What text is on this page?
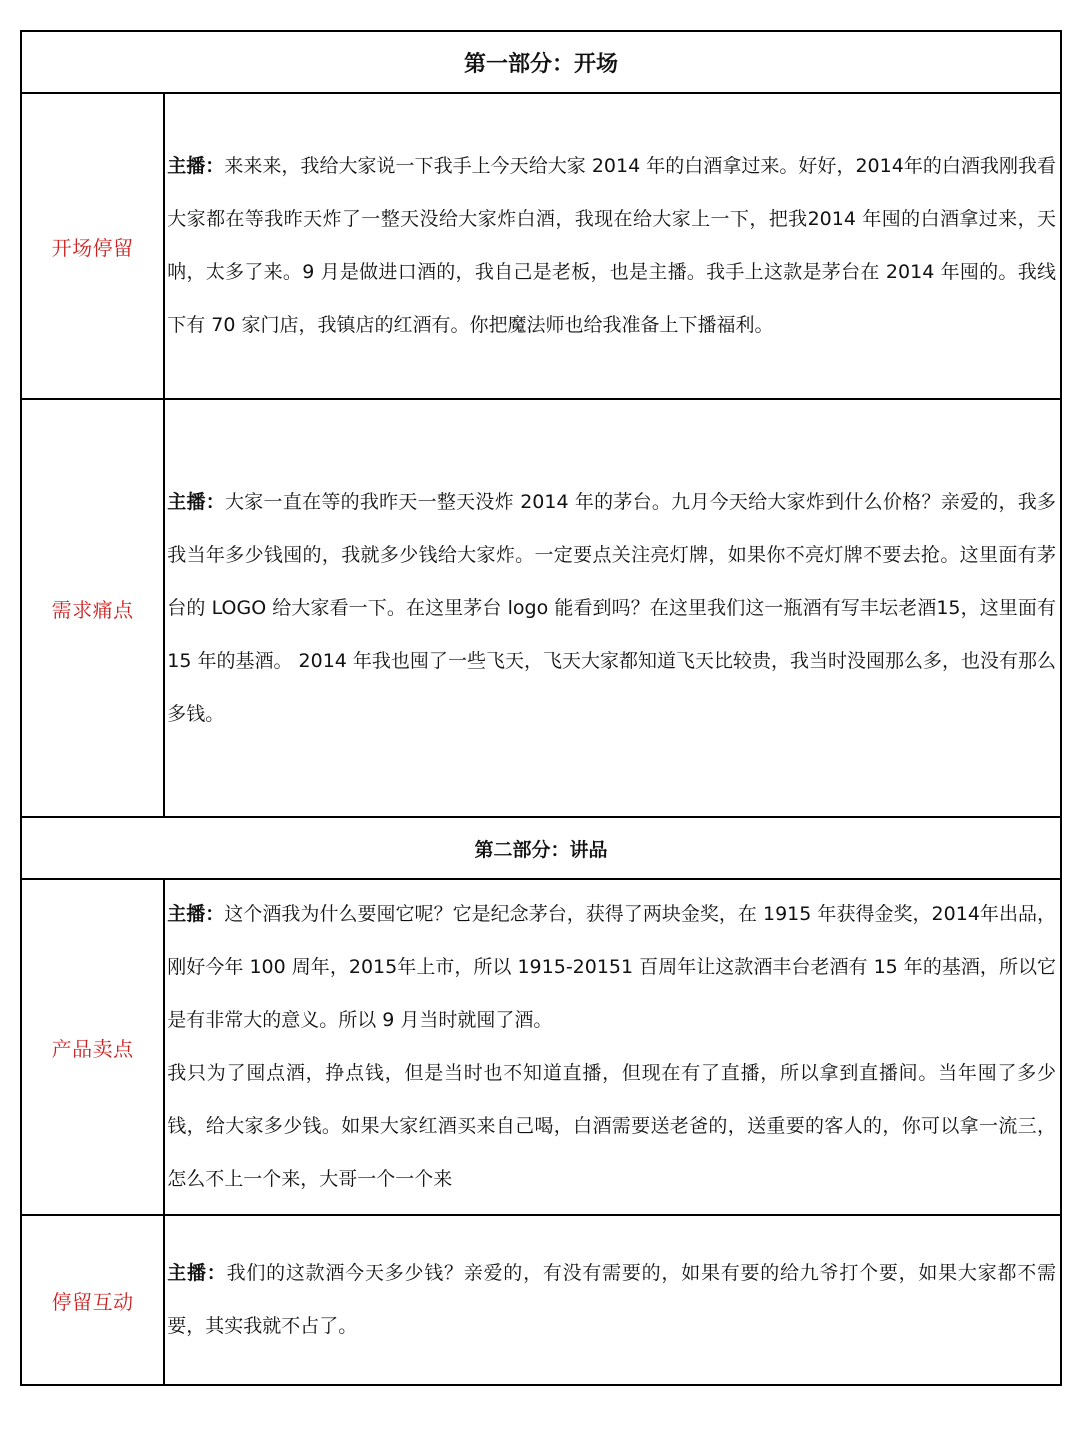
第一部分：开场	
开场停留	主播：来来来，我给大家说一下我手上今天给大家 2014 年的白酒拿过来。好好，2014年的白酒我刚我看大家都在等我昨天炸了一整天没给大家炸白酒，我现在给大家上一下，把我2014 年囤的白酒拿过来，天呐，太多了来。9 月是做进口酒的，我自己是老板，也是主播。我手上这款是茅台在 2014 年囤的。我线下有 70 家门店，我镇店的红酒有。你把魔法师也给我准备上下播福利。
需求痛点	主播：大家一直在等的我昨天一整天没炸 2014 年的茅台。九月今天给大家炸到什么价格？亲爱的，我多我当年多少钱囤的，我就多少钱给大家炸。一定要点关注亮灯牌，如果你不亮灯牌不要去抢。这里面有茅台的 LOGO 给大家看一下。在这里茅台 logo 能看到吗？在这里我们这一瓶酒有写丰坛老酒15，这里面有 15 年的基酒。 2014 年我也囤了一些飞天，飞天大家都知道飞天比较贵，我当时没囤那么多，也没有那么多钱。
第二部分：讲品	
产品卖点	主播：这个酒我为什么要囤它呢？它是纪念茅台，获得了两块金奖，在 1915 年获得金奖，2014年出品，刚好今年 100 周年，2015年上市，所以 1915-20151 百周年让这款酒丰台老酒有 15 年的基酒，所以它是有非常大的意义。所以 9 月当时就囤了酒。
我只为了囤点酒，挣点钱，但是当时也不知道直播，但现在有了直播，所以拿到直播间。当年囤了多少钱，给大家多少钱。如果大家红酒买来自己喝，白酒需要送老爸的，送重要的客人的，你可以拿一流三，怎么不上一个来，大哥一个一个来
停留互动	主播：我们的这款酒今天多少钱？亲爱的，有没有需要的，如果有要的给九爷打个要，如果大家都不需要，其实我就不占了。
